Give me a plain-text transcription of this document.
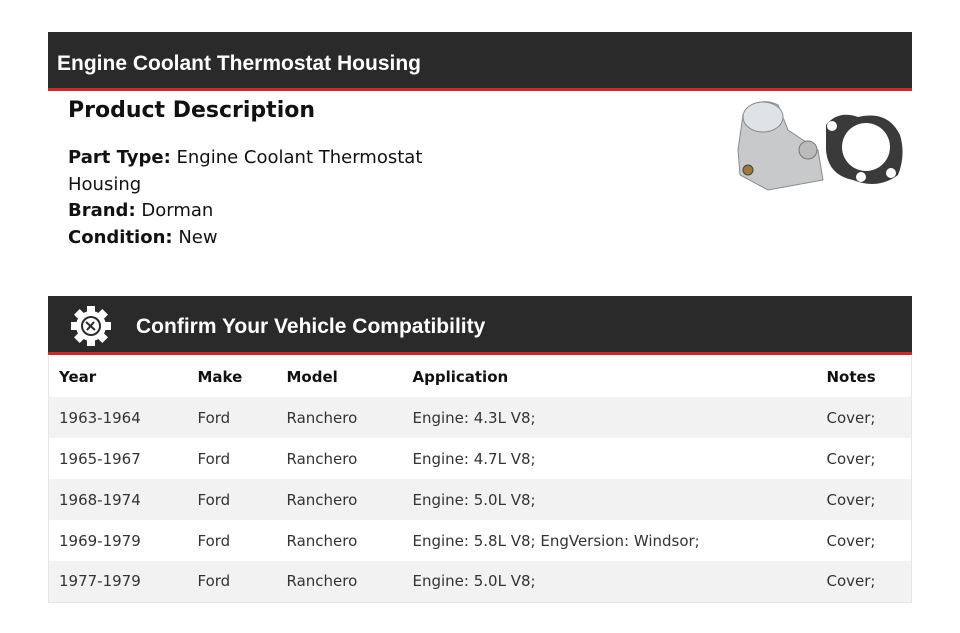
Engine Coolant Thermostat Housing
Product Description

Part Type: Engine Coolant Thermostat Housing

Brand: Dorman

Condition: New

Confirm Your Vehicle Compatibility
Year	Make	Model	Application	Notes
1963-1964	Ford	Ranchero	Engine: 4.3L V8;	Cover;
1965-1967	Ford	Ranchero	Engine: 4.7L V8;	Cover;
1968-1974	Ford	Ranchero	Engine: 5.0L V8;	Cover;
1969-1979	Ford	Ranchero	Engine: 5.8L V8; EngVersion: Windsor;	Cover;
1977-1979	Ford	Ranchero	Engine: 5.0L V8;	Cover;
